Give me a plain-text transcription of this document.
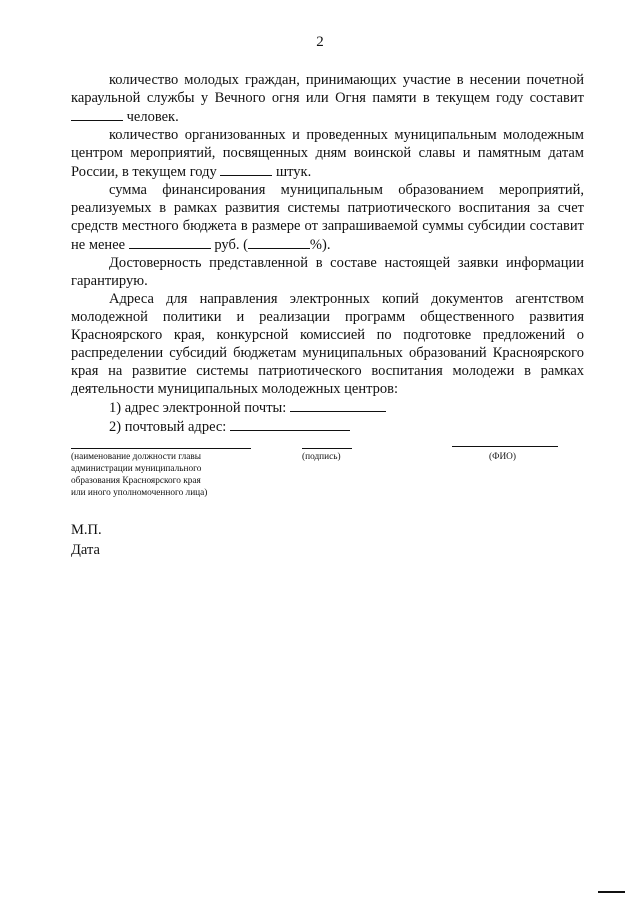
2

количество молодых граждан, принимающих участие в несении почетной караульной службы у Вечного огня или Огня памяти в текущем году составит  человек.

количество организованных и проведенных муниципальным молодежным центром мероприятий, посвященных дням воинской славы и памятным датам России, в текущем году	штук.

сумма финансирования муниципальным образованием мероприятий, реализуемых в рамках развития системы патриотического воспитания за счет средств местного бюджета в размере от запрашиваемой суммы субсидии составит не менее	руб. (	%).

Достоверность представленной в составе настоящей заявки информации гарантирую.

Адреса для направления электронных копий документов агентством молодежной политики и реализации программ общественного развития Красноярского края, конкурсной комиссией по подготовке предложений о распределении субсидий бюджетам муниципальных образований Красноярского края на развитие системы патриотического воспитания молодежи в рамках деятельности муниципальных молодежных центров:

1) адрес электронной почты:

2) почтовый адрес:

(наименование должности главы
администрации муниципального
образования Красноярского края
или иного уполномоченного лица)
(подпись)	(ФИО)
М.П.
Дата
